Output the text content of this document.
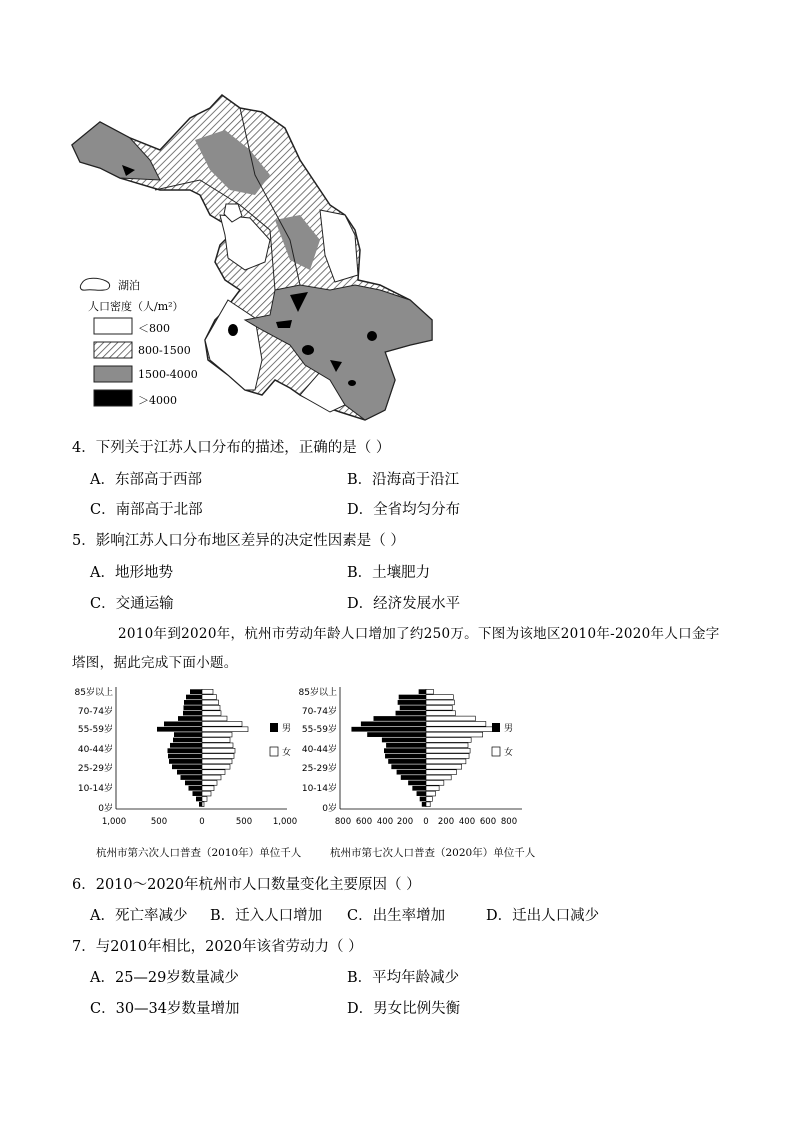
湖泊
人口密度（人/m²）
＜800
800-1500
1500-4000
＞4000
4．下列关于江苏人口分布的描述，正确的是（ ）
A．东部高于西部	B．沿海高于沿江
C．南部高于北部	D．全省均匀分布
5．影响江苏人口分布地区差异的决定性因素是（ ）
A．地形地势	B．土壤肥力
C．交通运输	D．经济发展水平
2010年到2020年，杭州市劳动年龄人口增加了约250万。下图为该地区2010年-2020年人口金字塔图，据此完成下面小题。
85岁以上
70-74岁
55-59岁
40-44岁
25-29岁
10-14岁
0岁
1,000	500	0	500 1,000
男
女
85岁以上
70-74岁
55-59岁
40-44岁
25-29岁
10-14岁
0岁
800 600 400 200 0 200 400 600 800
男
女
杭州市第六次人口普查（2010年）单位千人	杭州市第七次人口普查（2020年）单位千人
6．2010～2020年杭州市人口数量变化主要原因（ ）
A．死亡率减少 B．迁入人口增加 C．出生率增加	D．迁出人口减少
7．与2010年相比，2020年该省劳动力（ ）
A．25—29岁数量减少	B．平均年龄减少
C．30—34岁数量增加	D．男女比例失衡
